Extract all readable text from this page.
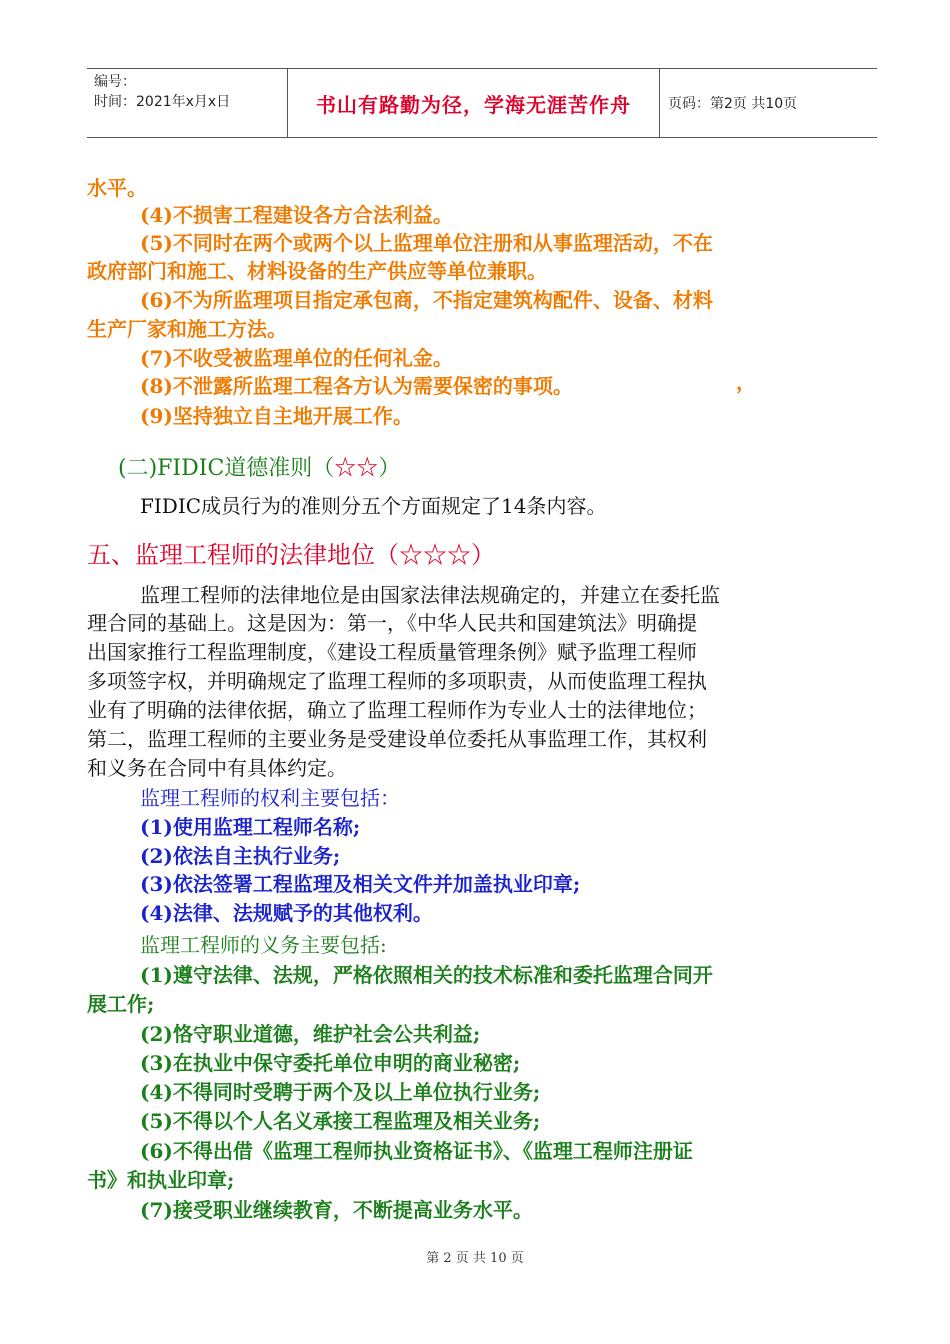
编号：
时间：2021年x月x日	书山有路勤为径，学海无涯苦作舟	页码：第2页 共10页
水平。
(4)不损害工程建设各方合法利益。
(5)不同时在两个或两个以上监理单位注册和从事监理活动，不在
政府部门和施工、材料设备的生产供应等单位兼职。
(6)不为所监理项目指定承包商，不指定建筑构配件、设备、材料
生产厂家和施工方法。
(7)不收受被监理单位的任何礼金。
(8)不泄露所监理工程各方认为需要保密的事项。	，
(9)坚持独立自主地开展工作。
(二)FIDIC道德准则（☆☆）
FIDIC成员行为的准则分五个方面规定了14条内容。
五、监理工程师的法律地位（☆☆☆）
监理工程师的法律地位是由国家法律法规确定的，并建立在委托监
理合同的基础上。这是因为：第一，《中华人民共和国建筑法》明确提
出国家推行工程监理制度，《建设工程质量管理条例》赋予监理工程师
多项签字权，并明确规定了监理工程师的多项职责，从而使监理工程执
业有了明确的法律依据，确立了监理工程师作为专业人士的法律地位；
第二，监理工程师的主要业务是受建设单位委托从事监理工作，其权利
和义务在合同中有具体约定。
监理工程师的权利主要包括：
(1)使用监理工程师名称;
(2)依法自主执行业务;
(3)依法签署工程监理及相关文件并加盖执业印章;
(4)法律、法规赋予的其他权利。
监理工程师的义务主要包括:
(1)遵守法律、法规，严格依照相关的技术标准和委托监理合同开
展工作;
(2)恪守职业道德，维护社会公共利益;
(3)在执业中保守委托单位申明的商业秘密;
(4)不得同时受聘于两个及以上单位执行业务;
(5)不得以个人名义承接工程监理及相关业务;
(6)不得出借《监理工程师执业资格证书》、《监理工程师注册证
书》和执业印章;
(7)接受职业继续教育，不断提高业务水平。
第 2 页 共 10 页
